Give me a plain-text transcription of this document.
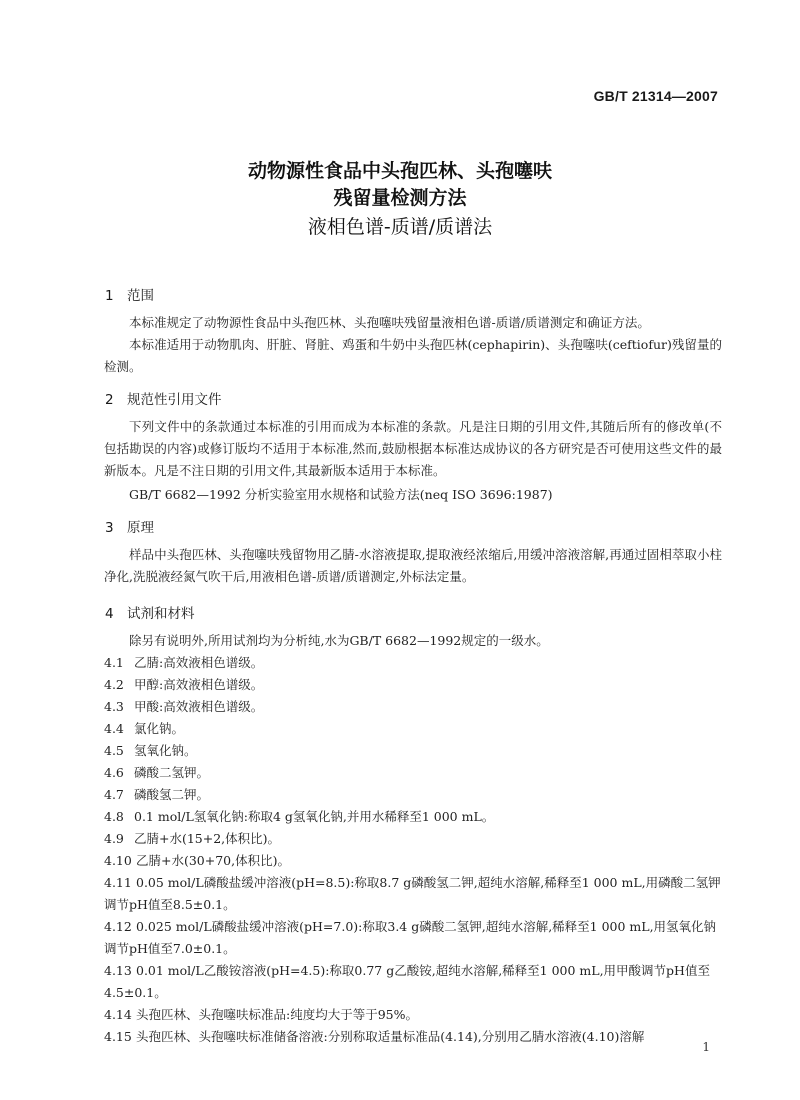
GB/T 21314—2007
动物源性食品中头孢匹林、头孢噻呋
残留量检测方法
液相色谱-质谱/质谱法
1 范围
本标准规定了动物源性食品中头孢匹林、头孢噻呋残留量液相色谱-质谱/质谱测定和确证方法。
本标准适用于动物肌肉、肝脏、肾脏、鸡蛋和牛奶中头孢匹林(cephapirin)、头孢噻呋(ceftiofur)残留量的检测。
2 规范性引用文件
下列文件中的条款通过本标准的引用而成为本标准的条款。凡是注日期的引用文件,其随后所有的修改单(不包括勘误的内容)或修订版均不适用于本标准,然而,鼓励根据本标准达成协议的各方研究是否可使用这些文件的最新版本。凡是不注日期的引用文件,其最新版本适用于本标准。
GB/T 6682—1992 分析实验室用水规格和试验方法(neq ISO 3696:1987)
3 原理
样品中头孢匹林、头孢噻呋残留物用乙腈-水溶液提取,提取液经浓缩后,用缓冲溶液溶解,再通过固相萃取小柱净化,洗脱液经氮气吹干后,用液相色谱-质谱/质谱测定,外标法定量。
4 试剂和材料
除另有说明外,所用试剂均为分析纯,水为GB/T 6682—1992规定的一级水。
4.1 乙腈:高效液相色谱级。
4.2 甲醇:高效液相色谱级。
4.3 甲酸:高效液相色谱级。
4.4 氯化钠。
4.5 氢氧化钠。
4.6 磷酸二氢钾。
4.7 磷酸氢二钾。
4.8 0.1 mol/L氢氧化钠:称取4 g氢氧化钠,并用水稀释至1 000 mL。
4.9 乙腈+水(15+2,体积比)。
4.10 乙腈+水(30+70,体积比)。
4.11 0.05 mol/L磷酸盐缓冲溶液(pH=8.5):称取8.7 g磷酸氢二钾,超纯水溶解,稀释至1 000 mL,用磷酸二氢钾调节pH值至8.5±0.1。
4.12 0.025 mol/L磷酸盐缓冲溶液(pH=7.0):称取3.4 g磷酸二氢钾,超纯水溶解,稀释至1 000 mL,用氢氧化钠调节pH值至7.0±0.1。
4.13 0.01 mol/L乙酸铵溶液(pH=4.5):称取0.77 g乙酸铵,超纯水溶解,稀释至1 000 mL,用甲酸调节pH值至4.5±0.1。
4.14 头孢匹林、头孢噻呋标准品:纯度均大于等于95%。
4.15 头孢匹林、头孢噻呋标准储备溶液:分别称取适量标准品(4.14),分别用乙腈水溶液(4.10)溶解
1
